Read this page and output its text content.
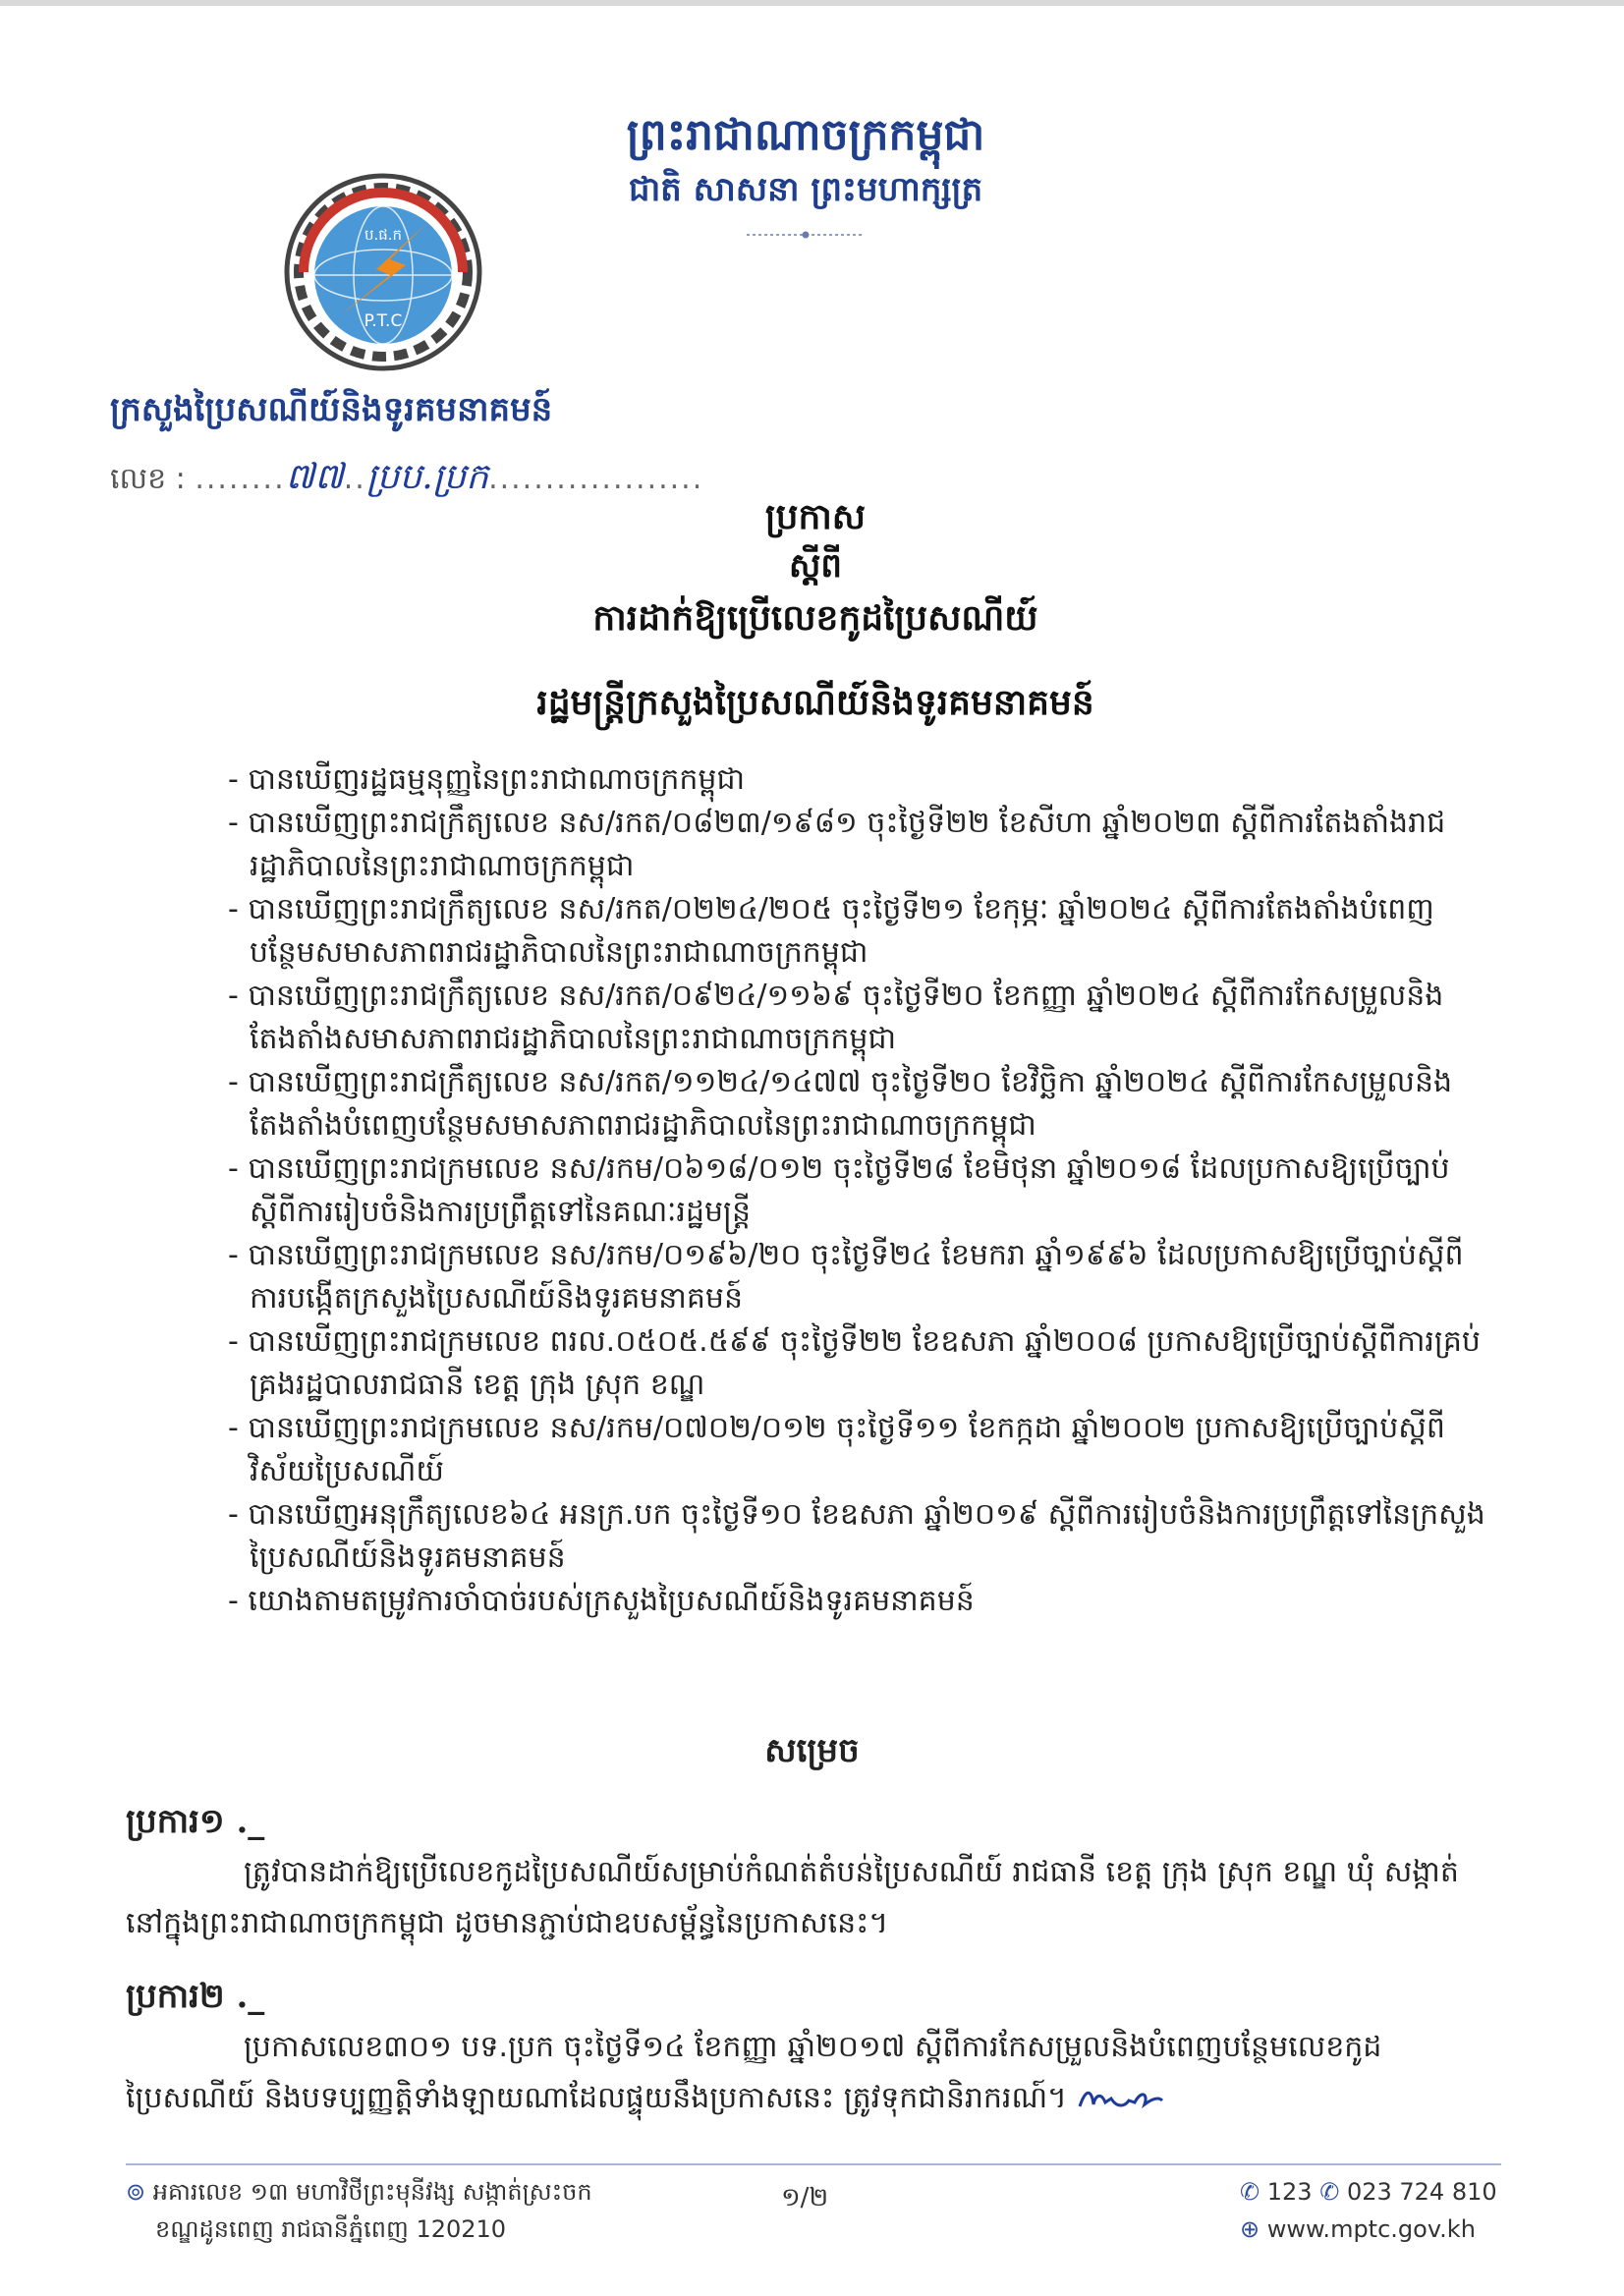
ព្រះរាជាណាចក្រកម្ពុជា
ជាតិ សាសនា ព្រះមហាក្សត្រ
ប.ផ.ក
P.T.C
ក្រសួងប្រៃសណីយ៍និងទូរគមនាគមន៍
លេខ : ........៧៧..ប្រប.ប្រក...................
ប្រកាស
ស្តីពី
ការដាក់ឱ្យប្រើលេខកូដប្រៃសណីយ៍
រដ្ឋមន្ត្រីក្រសួងប្រៃសណីយ៍និងទូរគមនាគមន៍
- បានឃើញរដ្ឋធម្មនុញ្ញនៃព្រះរាជាណាចក្រកម្ពុជា
- បានឃើញព្រះរាជក្រឹត្យលេខ នស/រកត/០៨២៣/១៩៨១ ចុះថ្ងៃទី២២ ខែសីហា ឆ្នាំ២០២៣ ស្តីពីការតែងតាំងរាជរដ្ឋាភិបាលនៃព្រះរាជាណាចក្រកម្ពុជា
- បានឃើញព្រះរាជក្រឹត្យលេខ នស/រកត/០២២៤/២០៥ ចុះថ្ងៃទី២១ ខែកុម្ភៈ ឆ្នាំ២០២៤ ស្តីពីការតែងតាំងបំពេញបន្ថែមសមាសភាពរាជរដ្ឋាភិបាលនៃព្រះរាជាណាចក្រកម្ពុជា
- បានឃើញព្រះរាជក្រឹត្យលេខ នស/រកត/០៩២៤/១១៦៩ ចុះថ្ងៃទី២០ ខែកញ្ញា ឆ្នាំ២០២៤ ស្តីពីការកែសម្រួលនិងតែងតាំងសមាសភាពរាជរដ្ឋាភិបាលនៃព្រះរាជាណាចក្រកម្ពុជា
- បានឃើញព្រះរាជក្រឹត្យលេខ នស/រកត/១១២៤/១៤៧៧ ចុះថ្ងៃទី២០ ខែវិច្ឆិកា ឆ្នាំ២០២៤ ស្តីពីការកែសម្រួលនិងតែងតាំងបំពេញបន្ថែមសមាសភាពរាជរដ្ឋាភិបាលនៃព្រះរាជាណាចក្រកម្ពុជា
- បានឃើញព្រះរាជក្រមលេខ នស/រកម/០៦១៨/០១២ ចុះថ្ងៃទី២៨ ខែមិថុនា ឆ្នាំ២០១៨ ដែលប្រកាសឱ្យប្រើច្បាប់ស្តីពីការរៀបចំនិងការប្រព្រឹត្តទៅនៃគណៈរដ្ឋមន្ត្រី
- បានឃើញព្រះរាជក្រមលេខ នស/រកម/០១៩៦/២០ ចុះថ្ងៃទី២៤ ខែមករា ឆ្នាំ១៩៩៦ ដែលប្រកាសឱ្យប្រើច្បាប់ស្តីពីការបង្កើតក្រសួងប្រៃសណីយ៍និងទូរគមនាគមន៍
- បានឃើញព្រះរាជក្រមលេខ ពរល.០៥០៥.៥៩៩ ចុះថ្ងៃទី២២ ខែឧសភា ឆ្នាំ២០០៨ ប្រកាសឱ្យប្រើច្បាប់ស្តីពីការគ្រប់គ្រងរដ្ឋបាលរាជធានី ខេត្ត ក្រុង ស្រុក ខណ្ឌ
- បានឃើញព្រះរាជក្រមលេខ នស/រកម/០៧០២/០១២ ចុះថ្ងៃទី១១ ខែកក្កដា ឆ្នាំ២០០២ ប្រកាសឱ្យប្រើច្បាប់ស្តីពីវិស័យប្រៃសណីយ៍
- បានឃើញអនុក្រឹត្យលេខ៦៤ អនក្រ.បក ចុះថ្ងៃទី១០ ខែឧសភា ឆ្នាំ២០១៩ ស្តីពីការរៀបចំនិងការប្រព្រឹត្តទៅនៃក្រសួងប្រៃសណីយ៍និងទូរគមនាគមន៍
- យោងតាមតម្រូវការចាំបាច់របស់ក្រសួងប្រៃសណីយ៍និងទូរគមនាគមន៍
សម្រេច
ប្រការ១ ._
ត្រូវបានដាក់ឱ្យប្រើលេខកូដប្រៃសណីយ៍សម្រាប់កំណត់តំបន់ប្រៃសណីយ៍ រាជធានី ខេត្ត ក្រុង ស្រុក ខណ្ឌ ឃុំ សង្កាត់ នៅក្នុងព្រះរាជាណាចក្រកម្ពុជា ដូចមានភ្ជាប់ជាឧបសម្ព័ន្ធនៃប្រកាសនេះ។
ប្រការ២ ._
ប្រកាសលេខ៣០១ បទ.ប្រក ចុះថ្ងៃទី១៤ ខែកញ្ញា ឆ្នាំ២០១៧ ស្តីពីការកែសម្រួលនិងបំពេញបន្ថែមលេខកូដប្រៃសណីយ៍ និងបទប្បញ្ញត្តិទាំងឡាយណាដែលផ្ទុយនឹងប្រកាសនេះ ត្រូវទុកជានិរាករណ៍។
⊚ អគារលេខ ១៣ មហាវិថីព្រះមុនីវង្ស សង្កាត់ស្រះចក
ខណ្ឌដូនពេញ រាជធានីភ្នំពេញ 120210
១/២	✆ 123 ✆ 023 724 810
⊕ www.mptc.gov.kh
